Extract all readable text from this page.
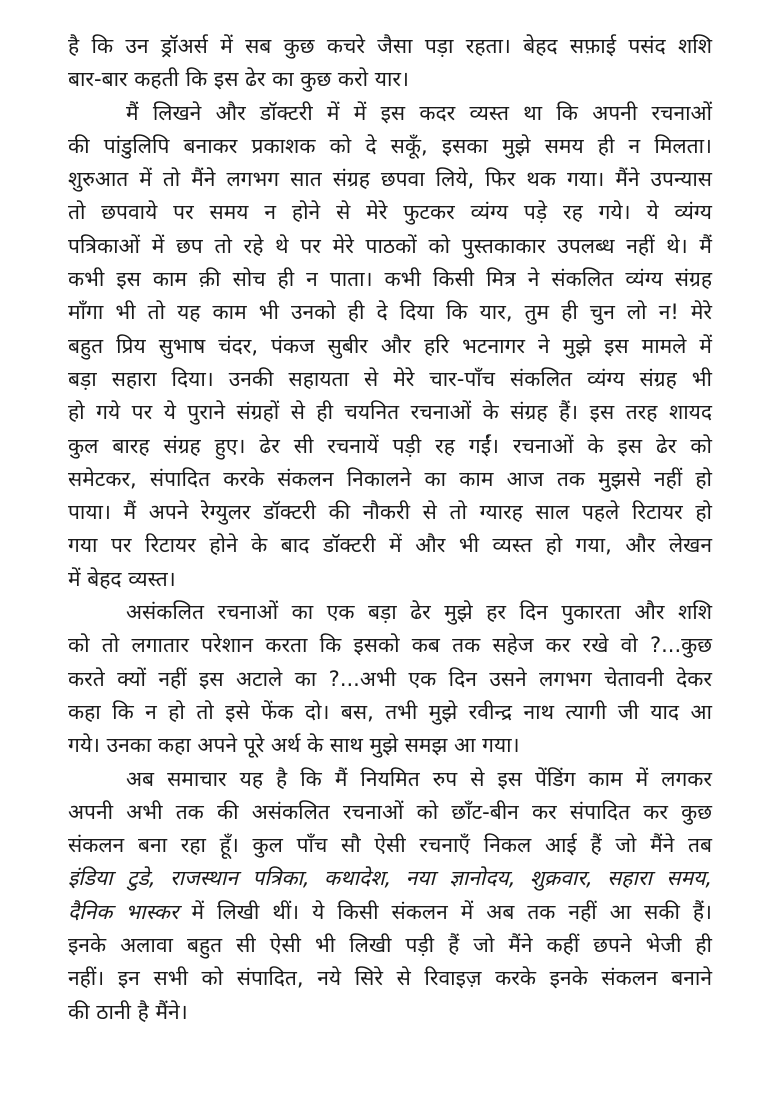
है कि उन ड्रॉअर्स में सब कुछ कचरे जैसा पड़ा रहता। बेहद सफ़ाई पसंद शशि
बार-बार कहती कि इस ढेर का कुछ करो यार।
मैं लिखने और डॉक्टरी में में इस कदर व्यस्त था कि अपनी रचनाओं
की पांडुलिपि बनाकर प्रकाशक को दे सकूँ, इसका मुझे समय ही न मिलता।
शुरुआत में तो मैंने लगभग सात संग्रह छपवा लिये, फिर थक गया। मैंने उपन्यास
तो छपवाये पर समय न होने से मेरे फुटकर व्यंग्य पड़े रह गये। ये व्यंग्य
पत्रिकाओं में छप तो रहे थे पर मेरे पाठकों को पुस्तकाकार उपलब्ध नहीं थे। मैं
कभी इस काम क़ी सोच ही न पाता। कभी किसी मित्र ने संकलित व्यंग्य संग्रह
माँगा भी तो यह काम भी उनको ही दे दिया कि यार, तुम ही चुन लो न! मेरे
बहुत प्रिय सुभाष चंदर, पंकज सुबीर और हरि भटनागर ने मुझे इस मामले में
बड़ा सहारा दिया। उनकी सहायता से मेरे चार-पाँच संकलित व्यंग्य संग्रह भी
हो गये पर ये पुराने संग्रहों से ही चयनित रचनाओं के संग्रह हैं। इस तरह शायद
कुल बारह संग्रह हुए। ढेर सी रचनायें पड़ी रह गईं। रचनाओं के इस ढेर को
समेटकर, संपादित करके संकलन निकालने का काम आज तक मुझसे नहीं हो
पाया। मैं अपने रेग्युलर डॉक्टरी की नौकरी से तो ग्यारह साल पहले रिटायर हो
गया पर रिटायर होने के बाद डॉक्टरी में और भी व्यस्त हो गया, और लेखन
में बेहद व्यस्त।
असंकलित रचनाओं का एक बड़ा ढेर मुझे हर दिन पुकारता और शशि
को तो लगातार परेशान करता कि इसको कब तक सहेज कर रखे वो ?...कुछ
करते क्यों नहीं इस अटाले का ?...अभी एक दिन उसने लगभग चेतावनी देकर
कहा कि न हो तो इसे फेंक दो। बस, तभी मुझे रवीन्द्र नाथ त्यागी जी याद आ
गये। उनका कहा अपने पूरे अर्थ के साथ मुझे समझ आ गया।
अब समाचार यह है कि मैं नियमित रुप से इस पेंडिंग काम में लगकर
अपनी अभी तक की असंकलित रचनाओं को छाँट-बीन कर संपादित कर कुछ
संकलन बना रहा हूँ। कुल पाँच सौ ऐसी रचनाएँ निकल आई हैं जो मैंने तब
इंडिया टुडे, राजस्थान पत्रिका, कथादेश, नया ज्ञानोदय, शुक्रवार, सहारा समय,
दैनिक भास्कर में लिखी थीं। ये किसी संकलन में अब तक नहीं आ सकी हैं।
इनके अलावा बहुत सी ऐसी भी लिखी पड़ी हैं जो मैंने कहीं छपने भेजी ही
नहीं। इन सभी को संपादित, नये सिरे से रिवाइज़ करके इनके संकलन बनाने
की ठानी है मैंने।
